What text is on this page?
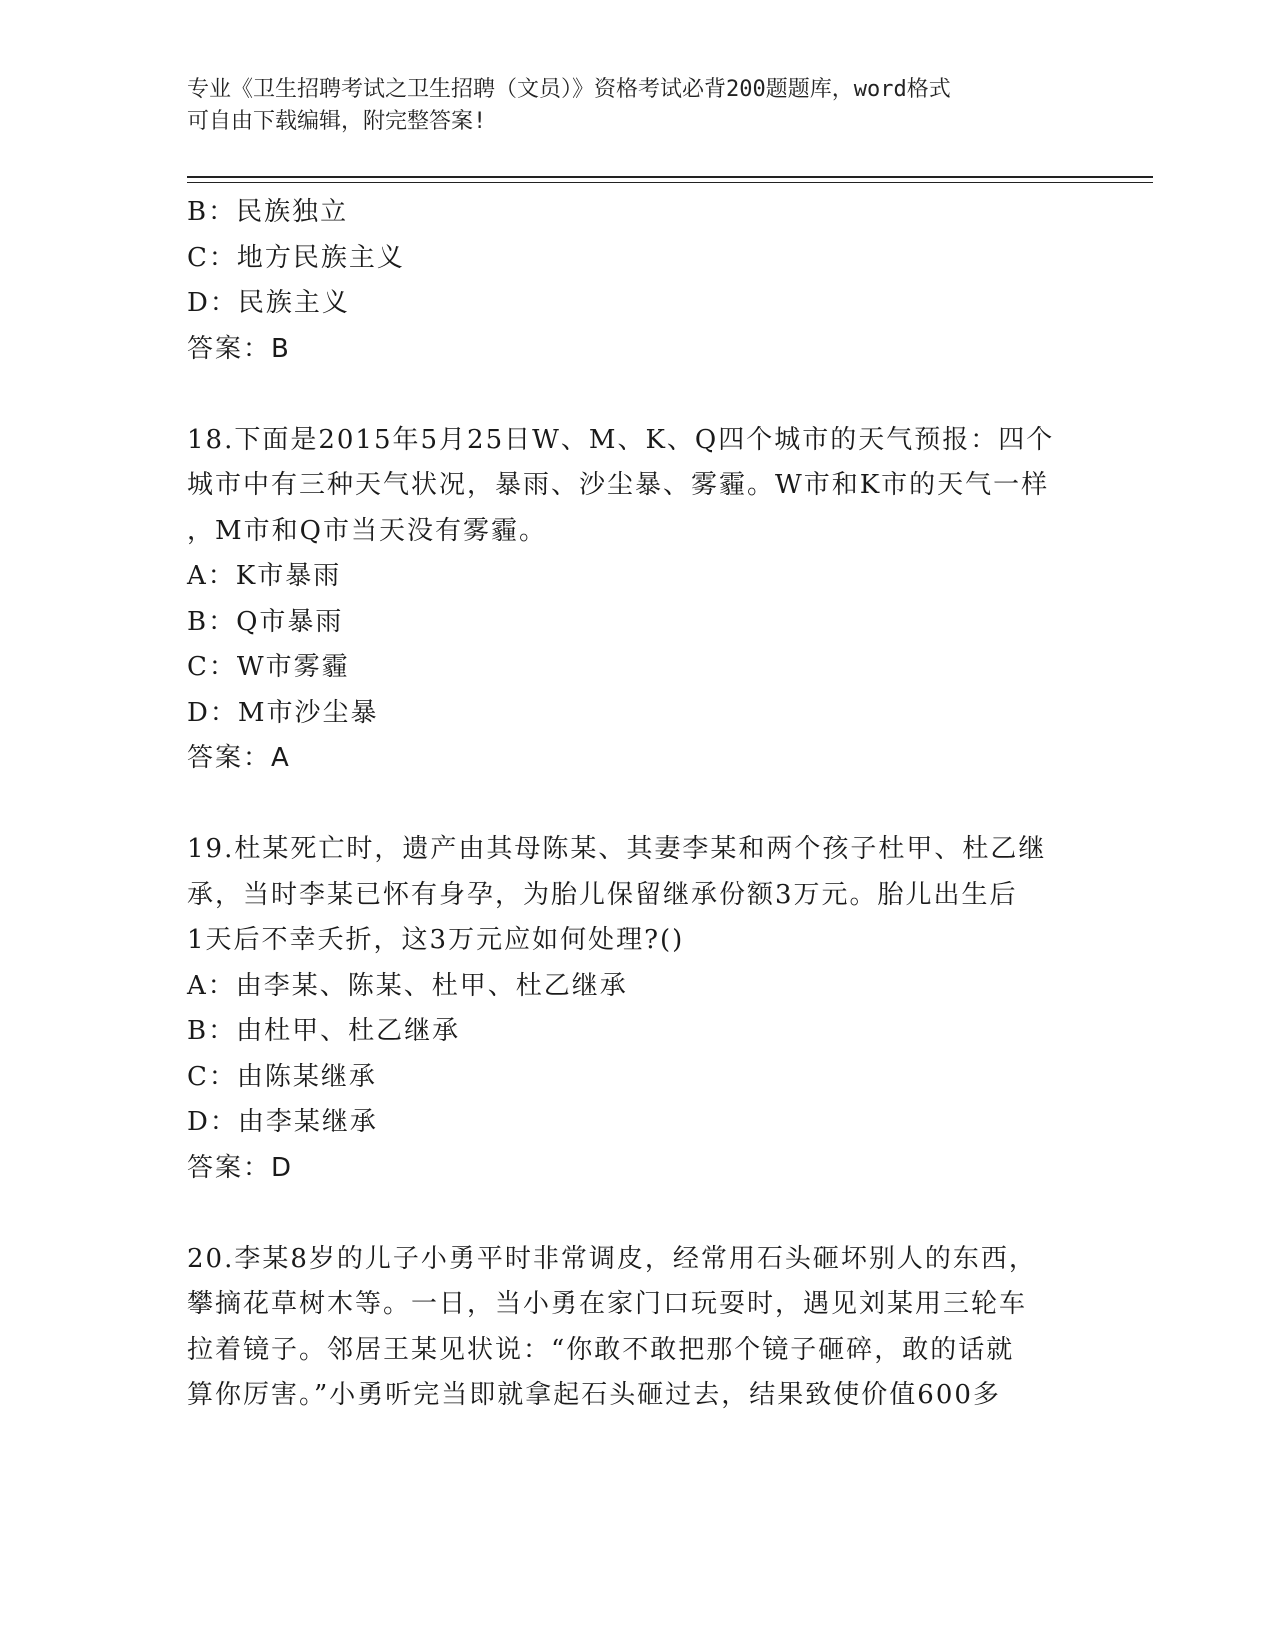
专业《卫生招聘考试之卫生招聘（文员）》资格考试必背200题题库，word格式
可自由下载编辑，附完整答案!
B：民族独立
C：地方民族主义
D：民族主义
答案：B
18.下面是2015年5月25日W、M、K、Q四个城市的天气预报：四个
城市中有三种天气状况，暴雨、沙尘暴、雾霾。W市和K市的天气一样
，M市和Q市当天没有雾霾。
A：K市暴雨
B：Q市暴雨
C：W市雾霾
D：M市沙尘暴
答案：A
19.杜某死亡时，遗产由其母陈某、其妻李某和两个孩子杜甲、杜乙继
承，当时李某已怀有身孕，为胎儿保留继承份额3万元。胎儿出生后
1天后不幸夭折，这3万元应如何处理?()
A：由李某、陈某、杜甲、杜乙继承
B：由杜甲、杜乙继承
C：由陈某继承
D：由李某继承
答案：D
20.李某8岁的儿子小勇平时非常调皮，经常用石头砸坏别人的东西，
攀摘花草树木等。一日，当小勇在家门口玩耍时，遇见刘某用三轮车
拉着镜子。邻居王某见状说：“你敢不敢把那个镜子砸碎，敢的话就
算你厉害。”小勇听完当即就拿起石头砸过去，结果致使价值600多
